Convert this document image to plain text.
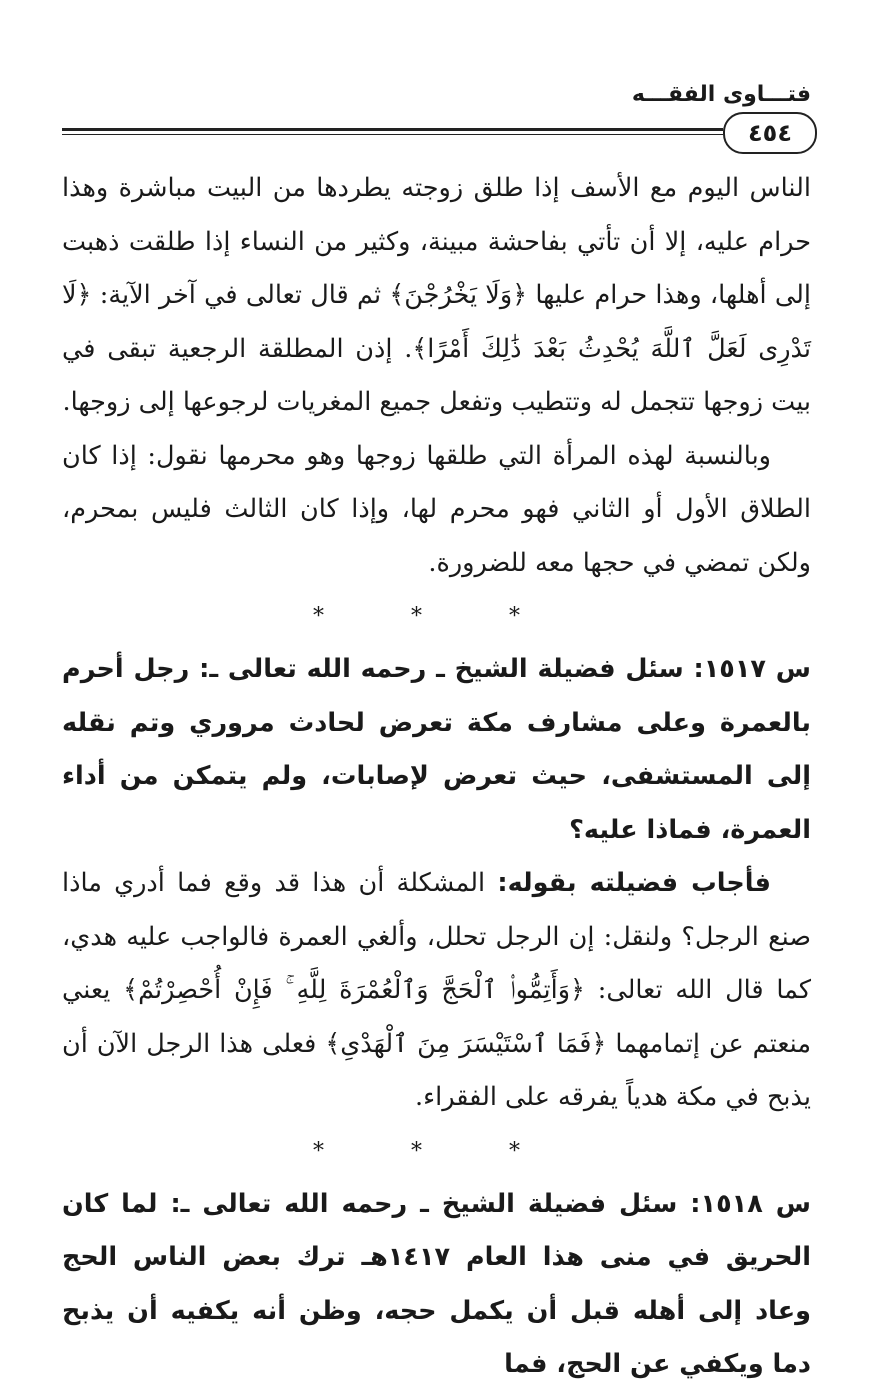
فتـــاوى الفقـــه
٤٥٤

الناس اليوم مع الأسف إذا طلق زوجته يطردها من البيت مباشرة وهذا حرام عليه، إلا أن تأتي بفاحشة مبينة، وكثير من النساء إذا طلقت ذهبت إلى أهلها، وهذا حرام عليها ﴿وَلَا يَخْرُجْنَ﴾ ثم قال تعالى في آخر الآية: ﴿لَا تَدْرِى لَعَلَّ ٱللَّهَ يُحْدِثُ بَعْدَ ذَٰلِكَ أَمْرًا﴾. إذن المطلقة الرجعية تبقى في بيت زوجها تتجمل له وتتطيب وتفعل جميع المغريات لرجوعها إلى زوجها.

وبالنسبة لهذه المرأة التي طلقها زوجها وهو محرمها نقول: إذا كان الطلاق الأول أو الثاني فهو محرم لها، وإذا كان الثالث فليس بمحرم، ولكن تمضي في حجها معه للضرورة.

* * *

س ١٥١٧: سئل فضيلة الشيخ ـ رحمه الله تعالى ـ: رجل أحرم بالعمرة وعلى مشارف مكة تعرض لحادث مروري وتم نقله إلى المستشفى، حيث تعرض لإصابات، ولم يتمكن من أداء العمرة، فماذا عليه؟

فأجاب فضيلته بقوله: المشكلة أن هذا قد وقع فما أدري ماذا صنع الرجل؟ ولنقل: إن الرجل تحلل، وألغي العمرة فالواجب عليه هدي، كما قال الله تعالى: ﴿وَأَتِمُّوا۟ ٱلْحَجَّ وَٱلْعُمْرَةَ لِلَّهِ ۚ فَإِنْ أُحْصِرْتُمْ﴾ يعني منعتم عن إتمامهما ﴿فَمَا ٱسْتَيْسَرَ مِنَ ٱلْهَدْىِ﴾ فعلى هذا الرجل الآن أن يذبح في مكة هدياً يفرقه على الفقراء.

* * *

س ١٥١٨: سئل فضيلة الشيخ ـ رحمه الله تعالى ـ: لما كان الحريق في منى هذا العام ١٤١٧هـ ترك بعض الناس الحج وعاد إلى أهله قبل أن يكمل حجه، وظن أنه يكفيه أن يذبح دما ويكفي عن الحج، فما
